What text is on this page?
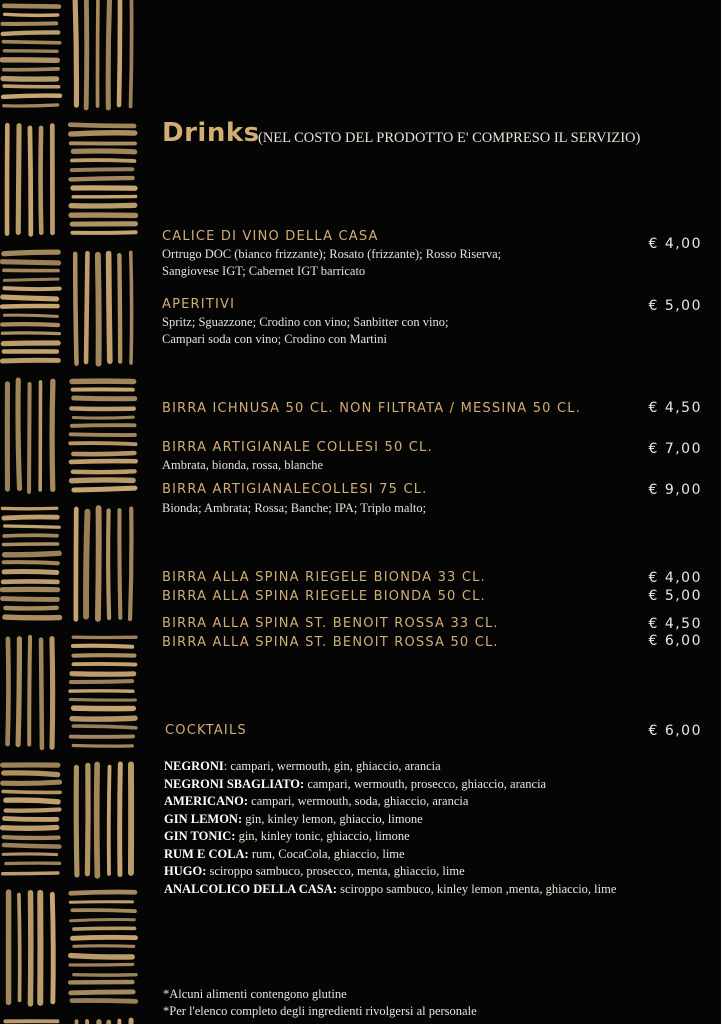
Drinks
(NEL COSTO DEL PRODOTTO E' COMPRESO IL SERVIZIO)
CALICE DI VINO DELLA CASA	€ 4,00
Ortrugo DOC (bianco frizzante); Rosato (frizzante); Rosso Riserva;
Sangiovese IGT; Cabernet IGT barricato
APERITIVI	€ 5,00
Spritz; Sguazzone; Crodino con vino; Sanbitter con vino;
Campari soda con vino; Crodino con Martini
BIRRA ICHNUSA 50 CL. NON FILTRATA / MESSINA 50 CL.	€ 4,50
BIRRA ARTIGIANALE COLLESI 50 CL.	€ 7,00
Ambrata, bionda, rossa, blanche
BIRRA ARTIGIANALECOLLESI 75 CL.	€ 9,00
Bionda; Ambrata; Rossa; Banche; IPA; Triplo malto;
BIRRA ALLA SPINA RIEGELE BIONDA 33 CL.	€ 4,00
BIRRA ALLA SPINA RIEGELE BIONDA 50 CL.	€ 5,00
BIRRA ALLA SPINA ST. BENOIT ROSSA 33 CL.	€ 4,50
BIRRA ALLA SPINA ST. BENOIT ROSSA 50 CL.	€ 6,00
COCKTAILS	€ 6,00
NEGRONI: campari, wermouth, gin, ghiaccio, arancia
NEGRONI SBAGLIATO: campari, wermouth, prosecco, ghiaccio, arancia
AMERICANO: campari, wermouth, soda, ghiaccio, arancia
GIN LEMON: gin, kinley lemon, ghiaccio, limone
GIN TONIC: gin, kinley tonic, ghiaccio, limone
RUM E COLA: rum, CocaCola, ghiaccio, lime
HUGO: sciroppo sambuco, prosecco, menta, ghiaccio, lime
ANALCOLICO DELLA CASA: sciroppo sambuco, kinley lemon ,menta, ghiaccio, lime
*Alcuni alimenti contengono glutine
*Per l'elenco completo degli ingredienti rivolgersi al personale
